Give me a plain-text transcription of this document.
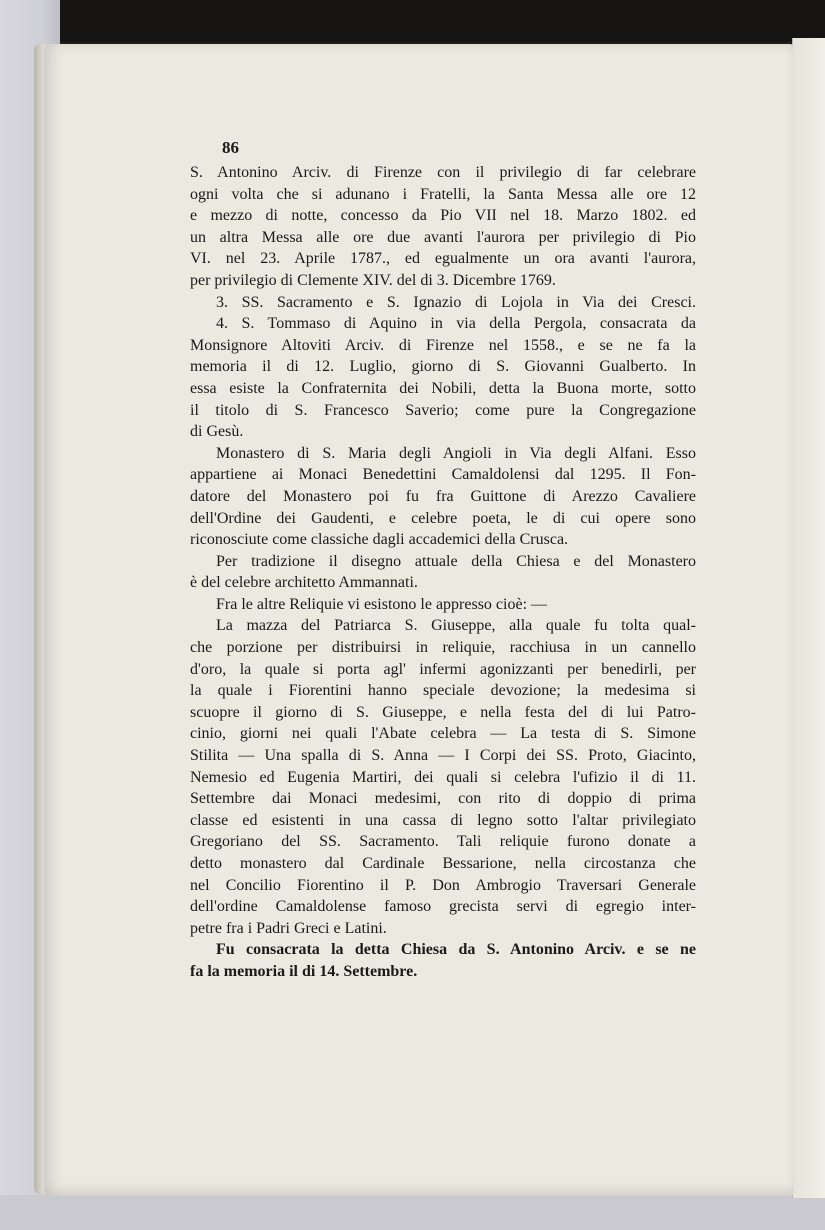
86
S. Antonino Arciv. di Firenze con il privilegio di far celebrare
ogni volta che si adunano i Fratelli, la Santa Messa alle ore 12
e mezzo di notte, concesso da Pio VII nel 18. Marzo 1802. ed
un altra Messa alle ore due avanti l'aurora per privilegio di Pio
VI. nel 23. Aprile 1787., ed egualmente un ora avanti l'aurora,
per privilegio di Clemente XIV. del di 3. Dicembre 1769.
3. SS. Sacramento e S. Ignazio di Lojola in Via dei Cresci.
4. S. Tommaso di Aquino in via della Pergola, consacrata da
Monsignore Altoviti Arciv. di Firenze nel 1558., e se ne fa la
memoria il di 12. Luglio, giorno di S. Giovanni Gualberto. In
essa esiste la Confraternita dei Nobili, detta la Buona morte, sotto
il titolo di S. Francesco Saverio; come pure la Congregazione
di Gesù.
Monastero di S. Maria degli Angioli in Via degli Alfani. Esso
appartiene ai Monaci Benedettini Camaldolensi dal 1295. Il Fon-
datore del Monastero poi fu fra Guittone di Arezzo Cavaliere
dell'Ordine dei Gaudenti, e celebre poeta, le di cui opere sono
riconosciute come classiche dagli accademici della Crusca.
Per tradizione il disegno attuale della Chiesa e del Monastero
è del celebre architetto Ammannati.
Fra le altre Reliquie vi esistono le appresso cioè: —
La mazza del Patriarca S. Giuseppe, alla quale fu tolta qual-
che porzione per distribuirsi in reliquie, racchiusa in un cannello
d'oro, la quale si porta agl' infermi agonizzanti per benedirli, per
la quale i Fiorentini hanno speciale devozione; la medesima si
scuopre il giorno di S. Giuseppe, e nella festa del di lui Patro-
cinio, giorni nei quali l'Abate celebra — La testa di S. Simone
Stilita — Una spalla di S. Anna — I Corpi dei SS. Proto, Giacinto,
Nemesio ed Eugenia Martiri, dei quali si celebra l'ufizio il di 11.
Settembre dai Monaci medesimi, con rito di doppio di prima
classe ed esistenti in una cassa di legno sotto l'altar privilegiato
Gregoriano del SS. Sacramento. Tali reliquie furono donate a
detto monastero dal Cardinale Bessarione, nella circostanza che
nel Concilio Fiorentino il P. Don Ambrogio Traversari Generale
dell'ordine Camaldolense famoso grecista servi di egregio inter-
petre fra i Padri Greci e Latini.
Fu consacrata la detta Chiesa da S. Antonino Arciv. e se ne
fa la memoria il di 14. Settembre.
